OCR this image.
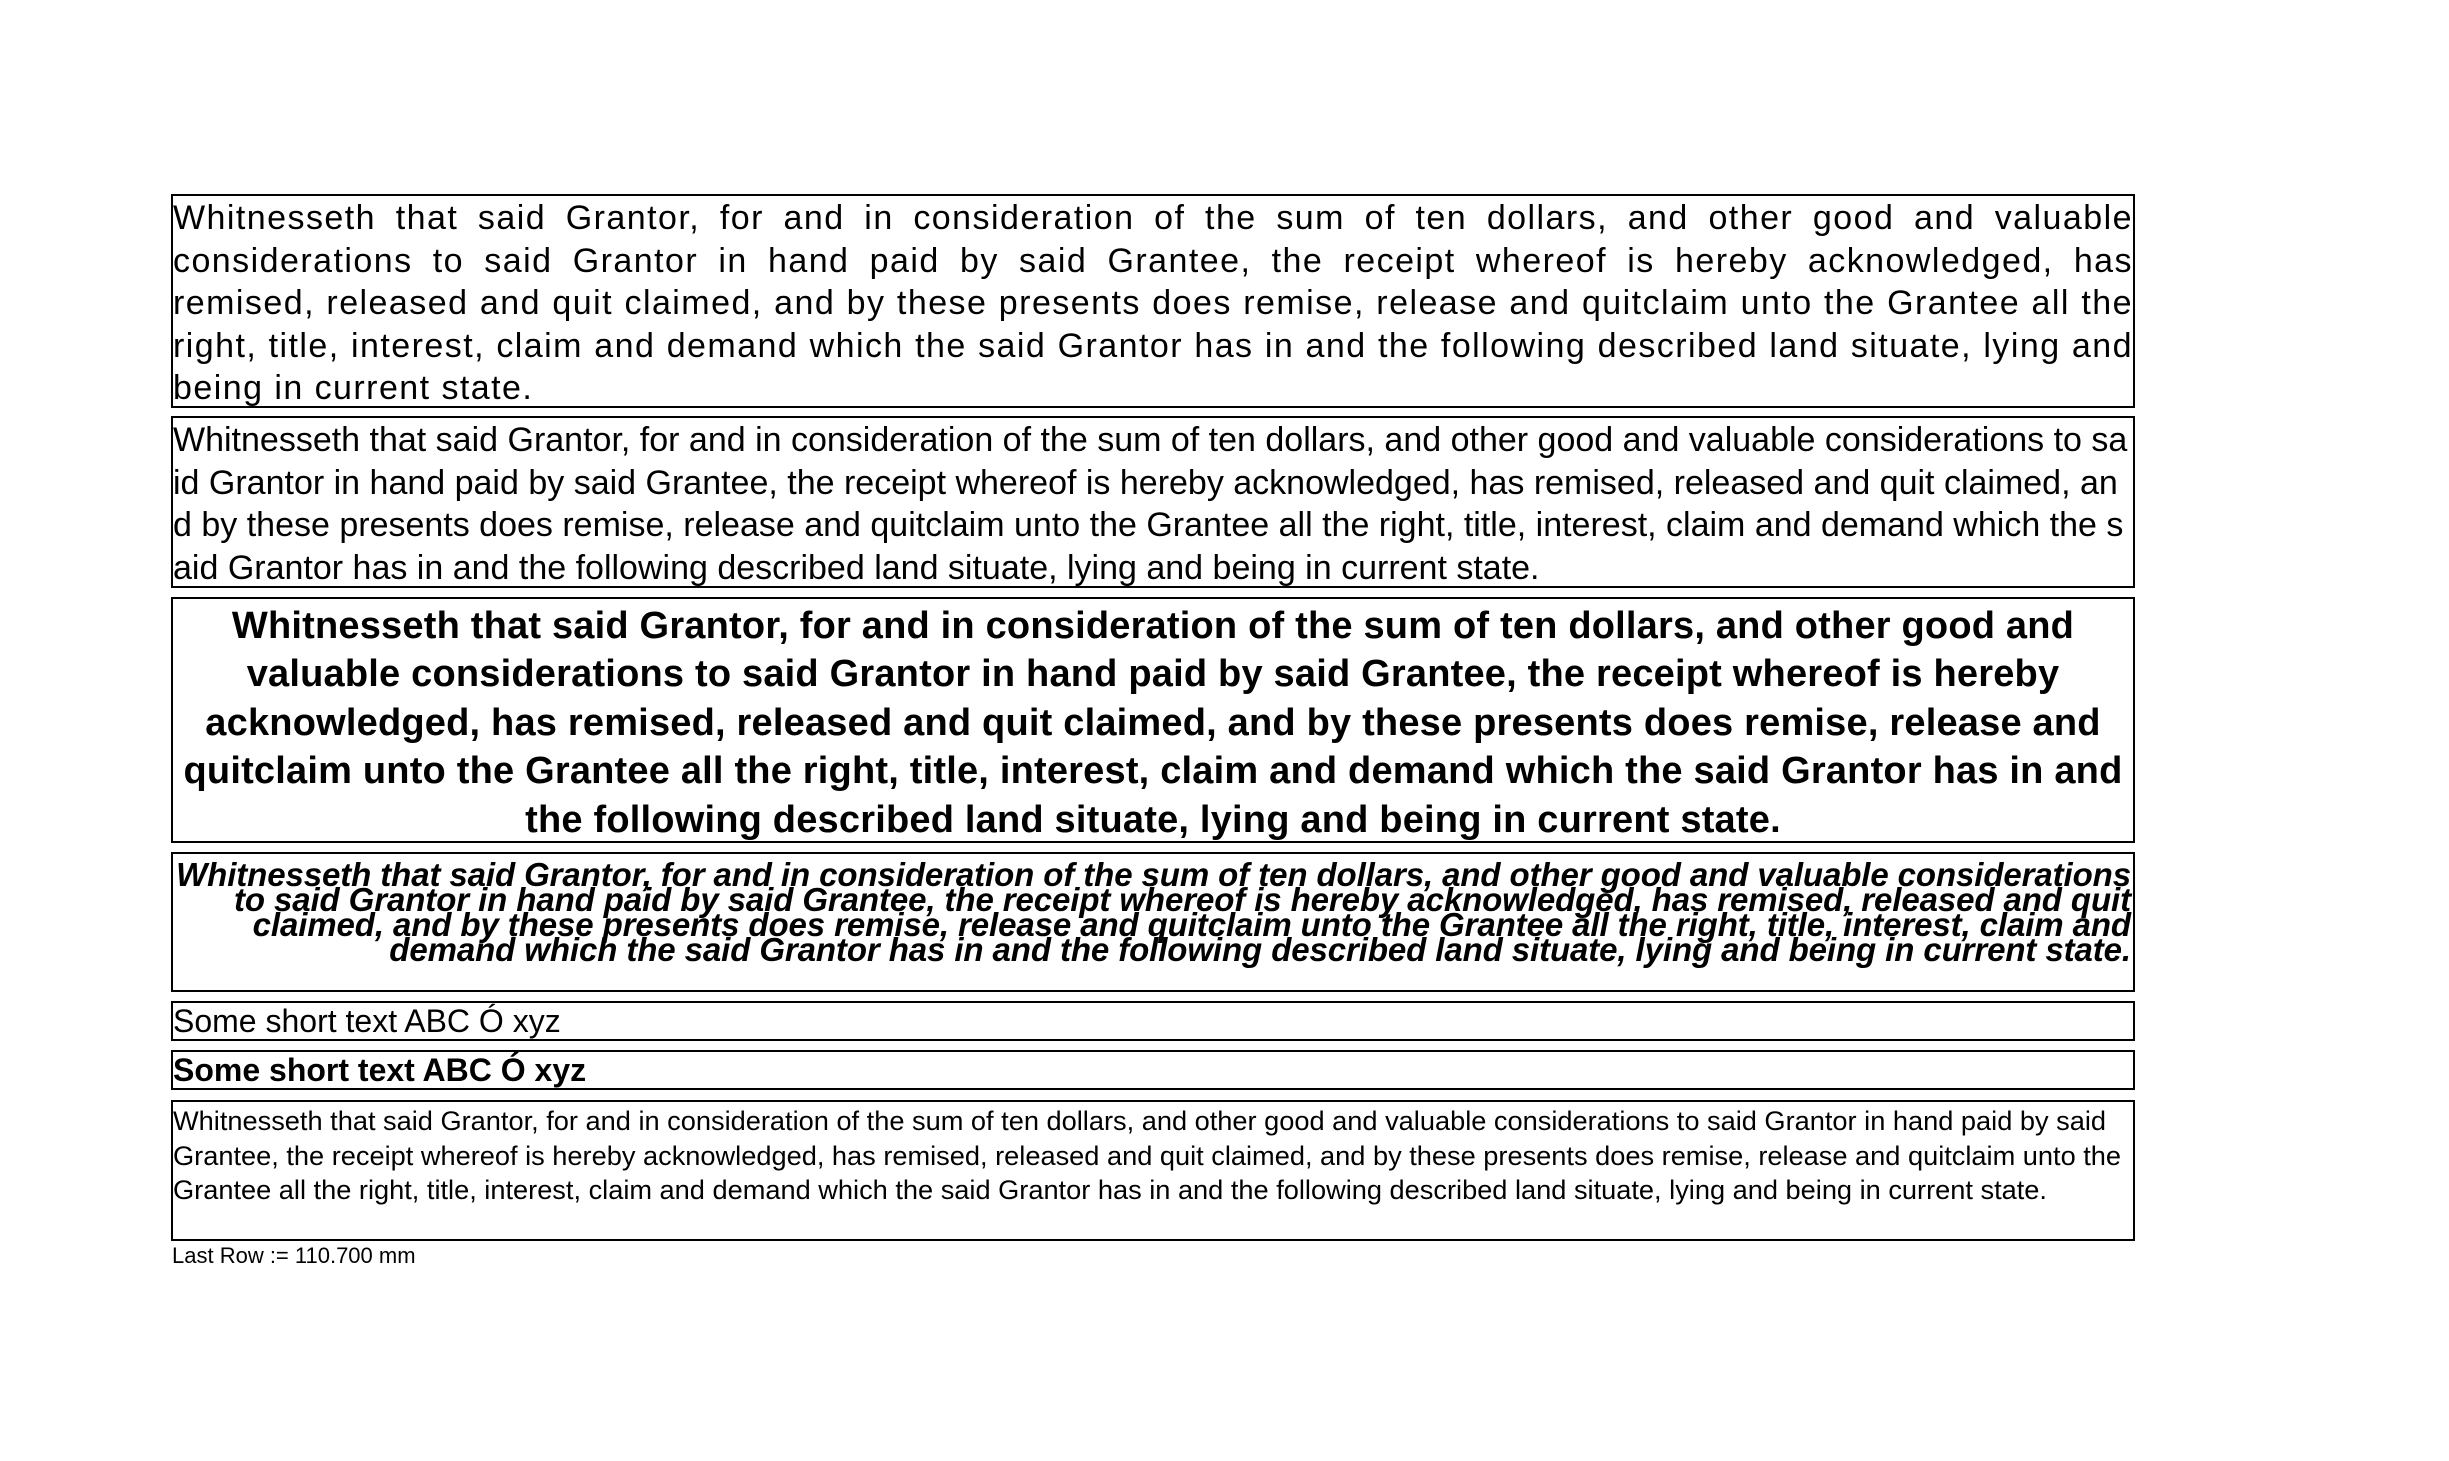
Whitnesseth that said Grantor, for and in consideration of the sum of ten dollars, and other good and valuable considerations to said Grantor in hand paid by said Grantee, the receipt whereof is hereby acknowledged, has remised, released and quit claimed, and by these presents does remise, release and quitclaim unto the Grantee all the right, title, interest, claim and demand which the said Grantor has in and the following described land situate, lying and being in current state.

Whitnesseth that said Grantor, for and in consideration of the sum of ten dollars, and other good and valuable considerations to said Grantor in hand paid by said Grantee, the receipt whereof is hereby acknowledged, has remised, released and quit claimed, and by these presents does remise, release and quitclaim unto the Grantee all the right, title, interest, claim and demand which the said Grantor has in and the following described land situate, lying and being in current state.

Whitnesseth that said Grantor, for and in consideration of the sum of ten dollars, and other good and valuable considerations to said Grantor in hand paid by said Grantee, the receipt whereof is hereby acknowledged, has remised, released and quit claimed, and by these presents does remise, release and quitclaim unto the Grantee all the right, title, interest, claim and demand which the said Grantor has in and the following described land situate, lying and being in current state.

Whitnesseth that said Grantor, for and in consideration of the sum of ten dollars, and other good and valuable considerations to said Grantor in hand paid by said Grantee, the receipt whereof is hereby acknowledged, has remised, released and quit claimed, and by these presents does remise, release and quitclaim unto the Grantee all the right, title, interest, claim and demand which the said Grantor has in and the following described land situate, lying and being in current state.

Some short text ABC Ó xyz

Some short text ABC Ó xyz

Whitnesseth that said Grantor, for and in consideration of the sum of ten dollars, and other good and valuable considerations to said Grantor in hand paid by said Grantee, the receipt whereof is hereby acknowledged, has remised, released and quit claimed, and by these presents does remise, release and quitclaim unto the Grantee all the right, title, interest, claim and demand which the said Grantor has in and the following described land situate, lying and being in current state.

Last Row := 110.700 mm
